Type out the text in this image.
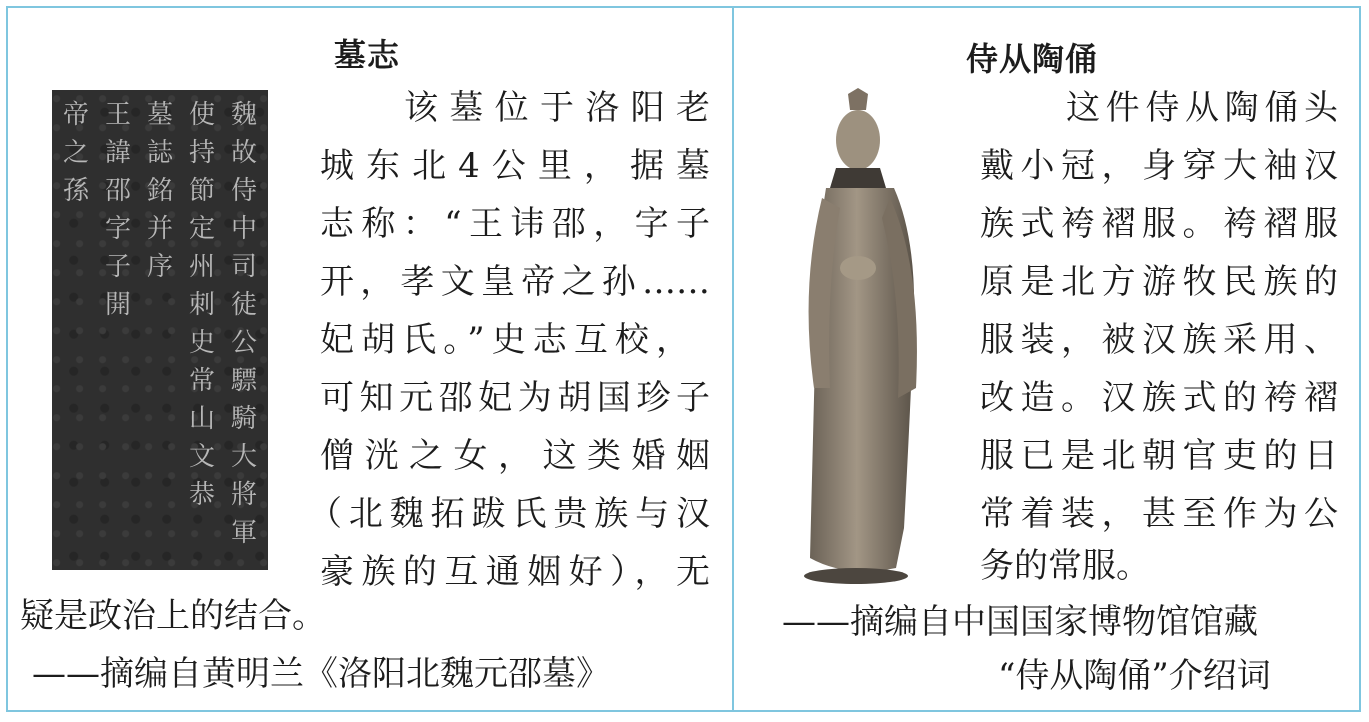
墓志
魏故侍中司徒公驃騎大將軍
使持節定州刺史常山文恭
墓誌銘并序
王諱邵字子開
帝之孫
该墓位于洛阳老
城东北4公里，据墓
志称：“王讳邵，字子
开，孝文皇帝之孙……
妃胡氏。”史志互校，
可知元邵妃为胡国珍子
僧洸之女，这类婚姻
（北魏拓跋氏贵族与汉
豪族的互通姻好），无
疑是政治上的结合。
——摘编自黄明兰《洛阳北魏元邵墓》
侍从陶俑
这件侍从陶俑头
戴小冠，身穿大袖汉
族式袴褶服。袴褶服
原是北方游牧民族的
服装，被汉族采用、
改造。汉族式的袴褶
服已是北朝官吏的日
常着装，甚至作为公
务的常服。
——摘编自中国国家博物馆馆藏
“侍从陶俑”介绍词
